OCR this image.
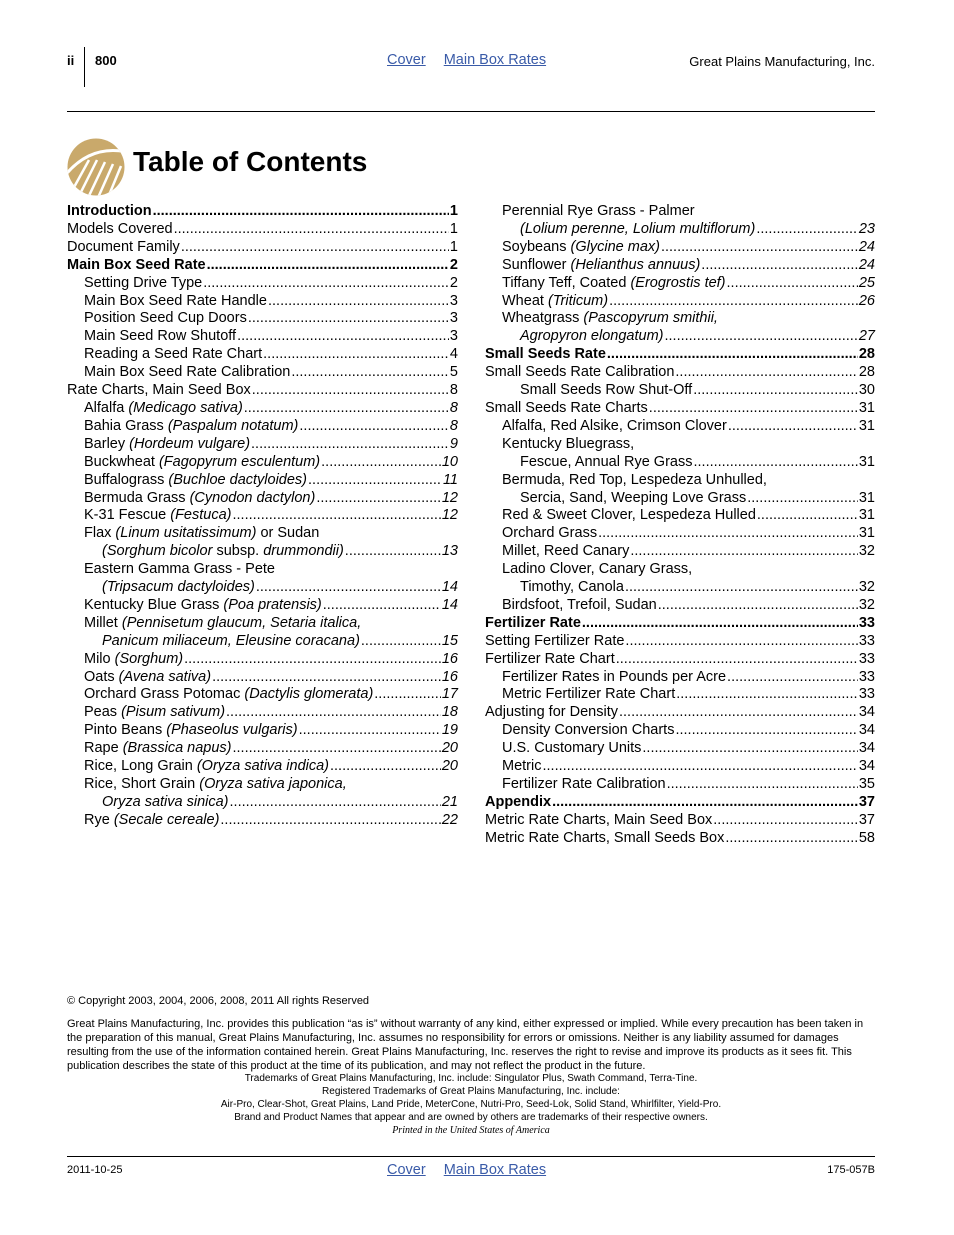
ii 800	Cover Main Box Rates	Great Plains Manufacturing, Inc.
Table of Contents
Introduction .....	1
Models Covered .....	1
Document Family .....	1
Main Box Seed Rate .....	2
Setting Drive Type .....	2
Main Box Seed Rate Handle .....	3
Position Seed Cup Doors .....	3
Main Seed Row Shutoff .....	3
Reading a Seed Rate Chart .....	4
Main Box Seed Rate Calibration .....	5
Rate Charts, Main Seed Box .....	8
Alfalfa (Medicago sativa) .....	8
Bahia Grass (Paspalum notatum) .....	8
Barley (Hordeum vulgare) .....	9
Buckwheat (Fagopyrum esculentum) .....	10
Buffalograss (Buchloe dactyloides) .....	11
Bermuda Grass (Cynodon dactylon) .....	12
K-31 Fescue (Festuca) .....	12
Flax (Linum usitatissimum) or Sudan
(Sorghum bicolor subsp. drummondii) .....	13
Eastern Gamma Grass - Pete
(Tripsacum dactyloides) .....	14
Kentucky Blue Grass (Poa pratensis) .....	14
Millet (Pennisetum glaucum, Setaria italica,
Panicum miliaceum, Eleusine coracana) .....	15
Milo (Sorghum) .....	16
Oats (Avena sativa) .....	16
Orchard Grass Potomac (Dactylis glomerata) .....	17
Peas (Pisum sativum) .....	18
Pinto Beans (Phaseolus vulgaris) .....	19
Rape (Brassica napus) .....	20
Rice, Long Grain (Oryza sativa indica) .....	20
Rice, Short Grain (Oryza sativa japonica,
Oryza sativa sinica) .....	21
Rye (Secale cereale) .....	22
Perennial Rye Grass - Palmer
(Lolium perenne, Lolium multiflorum) .....	23
Soybeans (Glycine max) .....	24
Sunflower (Helianthus annuus) .....	24
Tiffany Teff, Coated (Erogrostis tef) .....	25
Wheat (Triticum) .....	26
Wheatgrass (Pascopyrum smithii,
Agropyron elongatum) .....	27
Small Seeds Rate .....	28
Small Seeds Rate Calibration .....	28
Small Seeds Row Shut-Off .....	30
Small Seeds Rate Charts .....	31
Alfalfa, Red Alsike, Crimson Clover .....	31
Kentucky Bluegrass,
Fescue, Annual Rye Grass .....	31
Bermuda, Red Top, Lespedeza Unhulled,
Sercia, Sand, Weeping Love Grass .....	31
Red & Sweet Clover, Lespedeza Hulled .....	31
Orchard Grass .....	31
Millet, Reed Canary .....	32
Ladino Clover, Canary Grass,
Timothy, Canola .....	32
Birdsfoot, Trefoil, Sudan .....	32
Fertilizer Rate .....	33
Setting Fertilizer Rate .....	33
Fertilizer Rate Chart .....	33
Fertilizer Rates in Pounds per Acre .....	33
Metric Fertilizer Rate Chart .....	33
Adjusting for Density .....	34
Density Conversion Charts .....	34
U.S. Customary Units .....	34
Metric .....	34
Fertilizer Rate Calibration .....	35
Appendix .....	37
Metric Rate Charts, Main Seed Box .....	37
Metric Rate Charts, Small Seeds Box .....	58
© Copyright 2003, 2004, 2006, 2008, 2011 All rights Reserved
Great Plains Manufacturing, Inc. provides this publication “as is” without warranty of any kind, either expressed or implied. While every precaution has been taken in the preparation of this manual, Great Plains Manufacturing, Inc. assumes no responsibility for errors or omissions. Neither is any liability assumed for damages resulting from the use of the information contained herein. Great Plains Manufacturing, Inc. reserves the right to revise and improve its products as it sees fit. This publication describes the state of this product at the time of its publication, and may not reflect the product in the future.
Trademarks of Great Plains Manufacturing, Inc. include: Singulator Plus, Swath Command, Terra-Tine.
Registered Trademarks of Great Plains Manufacturing, Inc. include:
Air-Pro, Clear-Shot, Great Plains, Land Pride, MeterCone, Nutri-Pro, Seed-Lok, Solid Stand, Whirlfilter, Yield-Pro.
Brand and Product Names that appear and are owned by others are trademarks of their respective owners.
Printed in the United States of America
2011-10-25	Cover Main Box Rates	175-057B
